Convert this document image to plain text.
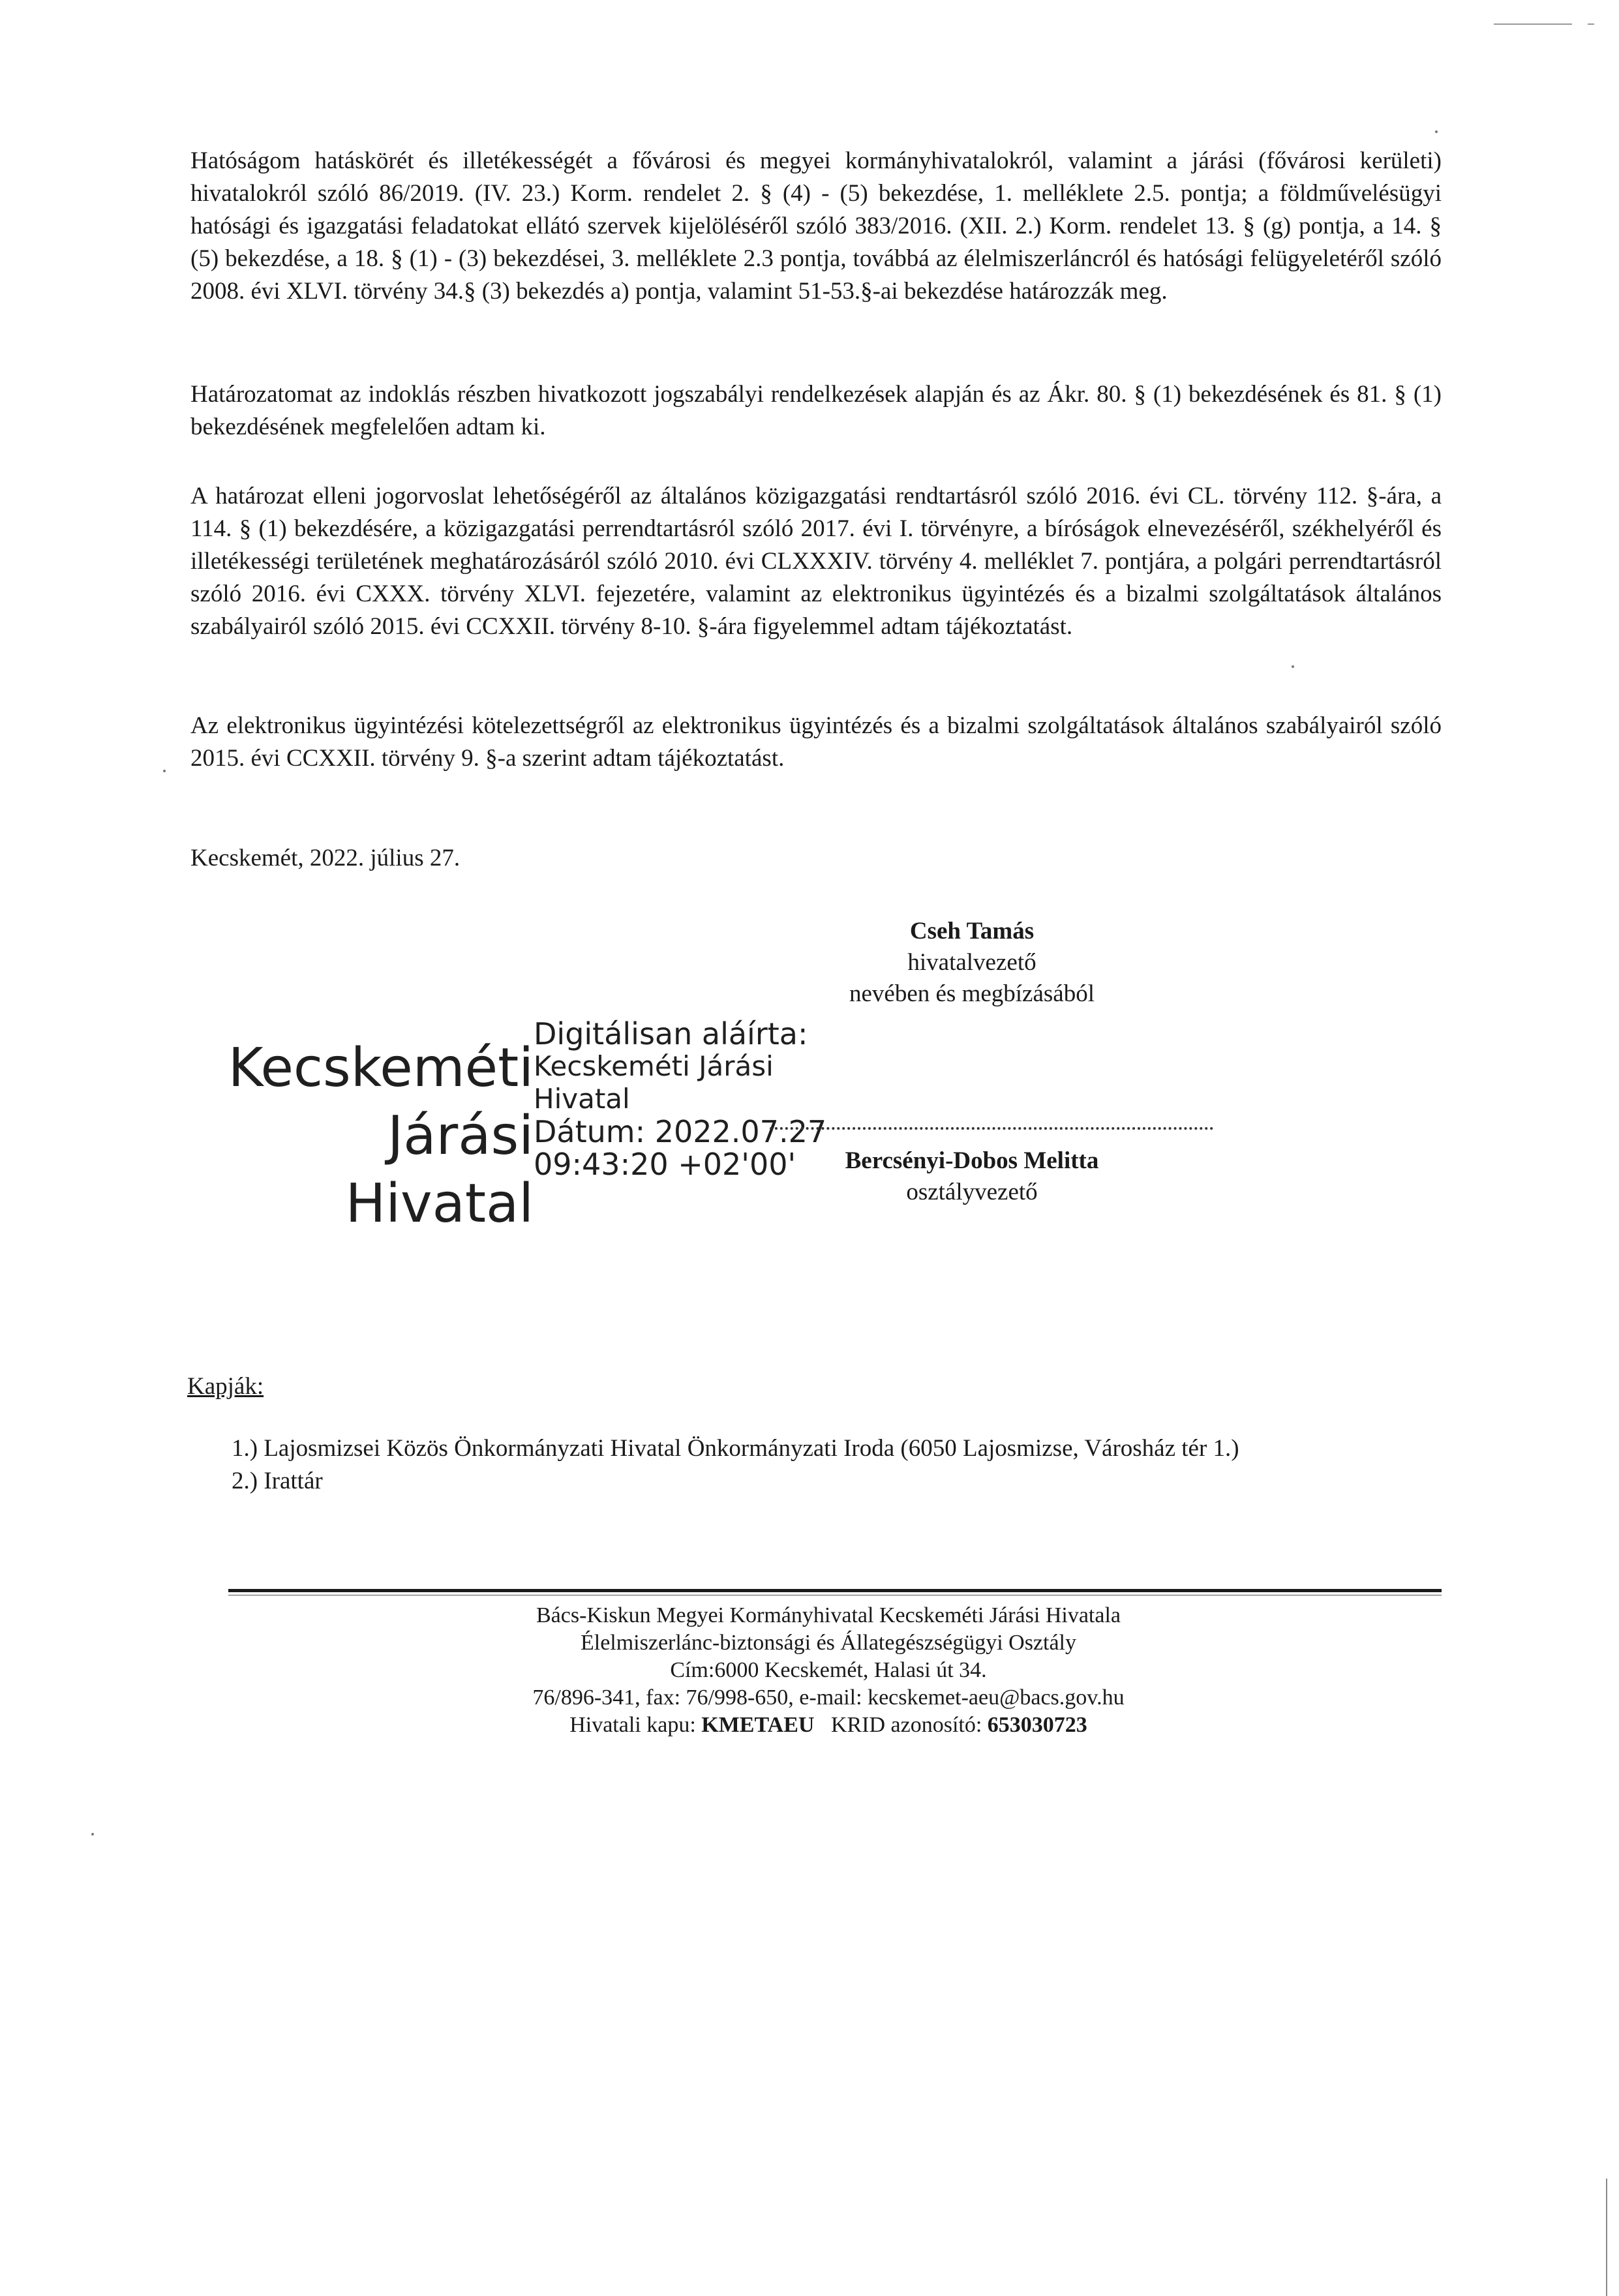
Hatóságom hatáskörét és illetékességét a fővárosi és megyei kormányhivatalokról, valamint a járási (fővárosi kerületi) hivatalokról szóló 86/2019. (IV. 23.) Korm. rendelet 2. § (4) - (5) bekezdése, 1. melléklete 2.5. pontja; a földművelésügyi hatósági és igazgatási feladatokat ellátó szervek kijelöléséről szóló 383/2016. (XII. 2.) Korm. rendelet 13. § (g) pontja, a 14. § (5) bekezdése, a 18. § (1) - (3) bekezdései, 3. melléklete 2.3 pontja, továbbá az élelmiszerláncról és hatósági felügyeletéről szóló 2008. évi XLVI. törvény 34.§ (3) bekezdés a) pontja, valamint 51-53.§-ai bekezdése határozzák meg.

Határozatomat az indoklás részben hivatkozott jogszabályi rendelkezések alapján és az Ákr. 80. § (1) bekezdésének és 81. § (1) bekezdésének megfelelően adtam ki.

A határozat elleni jogorvoslat lehetőségéről az általános közigazgatási rendtartásról szóló 2016. évi CL. törvény 112. §-ára, a 114. § (1) bekezdésére, a közigazgatási perrendtartásról szóló 2017. évi I. törvényre, a bíróságok elnevezéséről, székhelyéről és illetékességi területének meghatározásáról szóló 2010. évi CLXXXIV. törvény 4. melléklet 7. pontjára, a polgári perrendtartásról szóló 2016. évi CXXX. törvény XLVI. fejezetére, valamint az elektronikus ügyintézés és a bizalmi szolgáltatások általános szabályairól szóló 2015. évi CCXXII. törvény 8-10. §-ára figyelemmel adtam tájékoztatást.

Az elektronikus ügyintézési kötelezettségről az elektronikus ügyintézés és a bizalmi szolgáltatások általános szabályairól szóló 2015. évi CCXXII. törvény 9. §-a szerint adtam tájékoztatást.

Kecskemét, 2022. július 27.
Cseh Tamás
hivatalvezető
nevében és megbízásából
Kecskeméti
Járási Hivatal
Digitálisan aláírta:
Kecskeméti Járási
Hivatal
Dátum: 2022.07.27
09:43:20 +02'00'	Bercsényi-Dobos Melitta
osztályvezető
Kapják:
1.) Lajosmizsei Közös Önkormányzati Hivatal Önkormányzati Iroda (6050 Lajosmizse, Városház tér 1.)
2.) Irattár
Bács-Kiskun Megyei Kormányhivatal Kecskeméti Járási Hivatala
Élelmiszerlánc-biztonsági és Állategészségügyi Osztály
Cím:6000 Kecskemét, Halasi út 34.
76/896-341, fax: 76/998-650, e-mail: kecskemet-aeu@bacs.gov.hu
Hivatali kapu: KMETAEU KRID azonosító: 653030723
